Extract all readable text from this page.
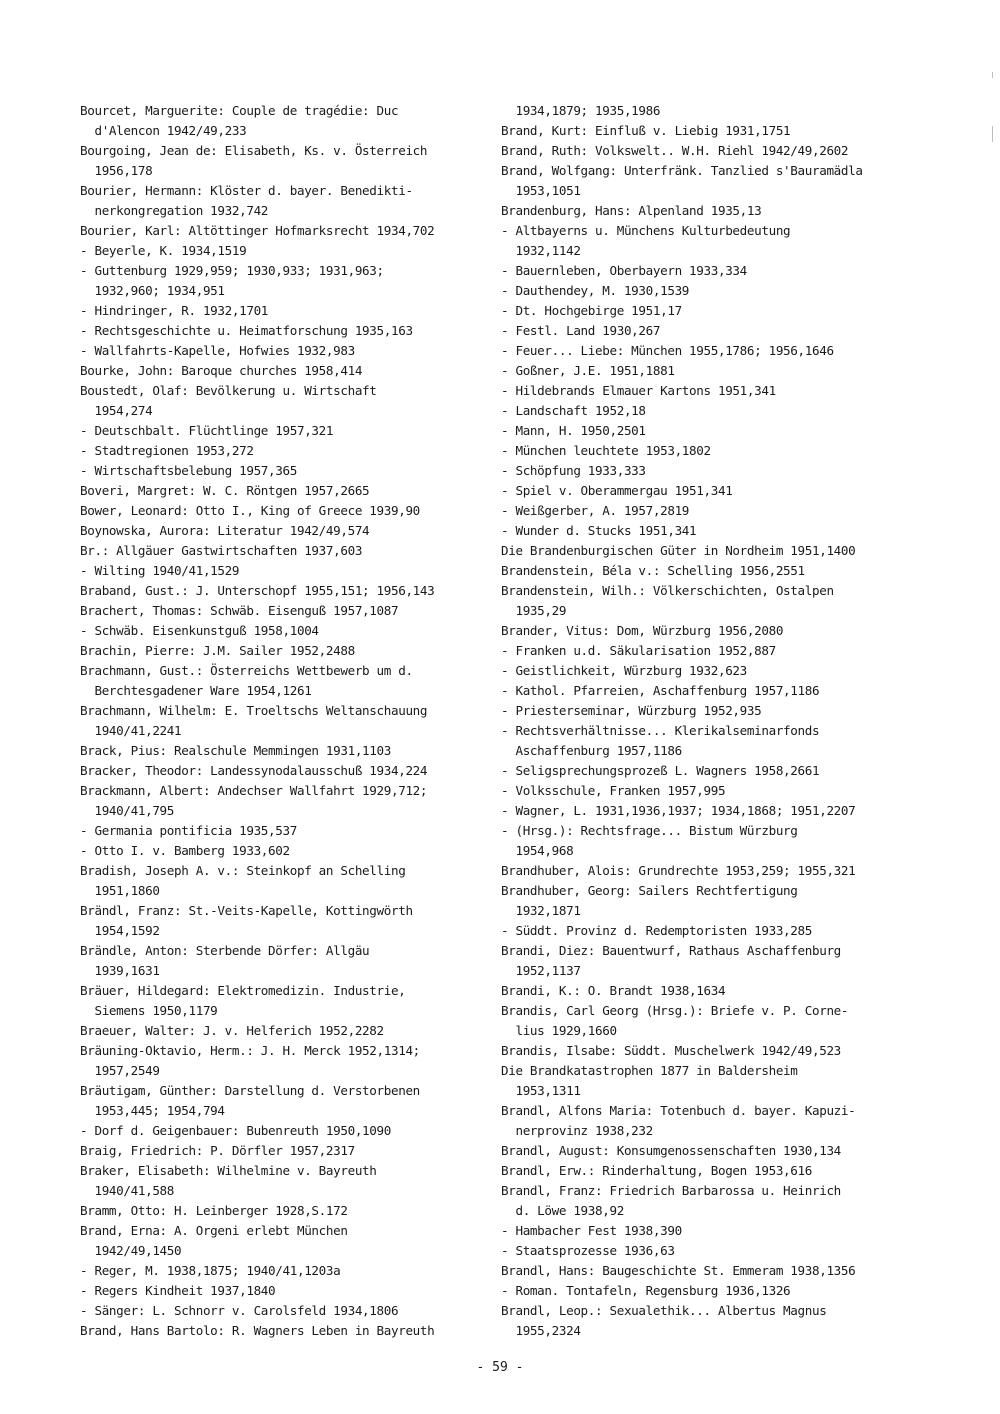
Bourcet, Marguerite: Couple de tragédie: Duc
d'Alencon 1942/49,233
Bourgoing, Jean de: Elisabeth, Ks. v. Österreich
1956,178
Bourier, Hermann: Klöster d. bayer. Benedikti-
nerkongregation 1932,742
Bourier, Karl: Altöttinger Hofmarksrecht 1934,702
- Beyerle, K. 1934,1519
- Guttenburg 1929,959; 1930,933; 1931,963;
1932,960; 1934,951
- Hindringer, R. 1932,1701
- Rechtsgeschichte u. Heimatforschung 1935,163
- Wallfahrts-Kapelle, Hofwies 1932,983
Bourke, John: Baroque churches 1958,414
Boustedt, Olaf: Bevölkerung u. Wirtschaft
1954,274
- Deutschbalt. Flüchtlinge 1957,321
- Stadtregionen 1953,272
- Wirtschaftsbelebung 1957,365
Boveri, Margret: W. C. Röntgen 1957,2665
Bower, Leonard: Otto I., King of Greece 1939,90
Boynowska, Aurora: Literatur 1942/49,574
Br.: Allgäuer Gastwirtschaften 1937,603
- Wilting 1940/41,1529
Braband, Gust.: J. Unterschopf 1955,151; 1956,143
Brachert, Thomas: Schwäb. Eisenguß 1957,1087
- Schwäb. Eisenkunstguß 1958,1004
Brachin, Pierre: J.M. Sailer 1952,2488
Brachmann, Gust.: Österreichs Wettbewerb um d.
Berchtesgadener Ware 1954,1261
Brachmann, Wilhelm: E. Troeltschs Weltanschauung
1940/41,2241
Brack, Pius: Realschule Memmingen 1931,1103
Bracker, Theodor: Landessynodalausschuß 1934,224
Brackmann, Albert: Andechser Wallfahrt 1929,712;
1940/41,795
- Germania pontificia 1935,537
- Otto I. v. Bamberg 1933,602
Bradish, Joseph A. v.: Steinkopf an Schelling
1951,1860
Brändl, Franz: St.-Veits-Kapelle, Kottingwörth
1954,1592
Brändle, Anton: Sterbende Dörfer: Allgäu
1939,1631
Bräuer, Hildegard: Elektromedizin. Industrie,
Siemens 1950,1179
Braeuer, Walter: J. v. Helferich 1952,2282
Bräuning-Oktavio, Herm.: J. H. Merck 1952,1314;
1957,2549
Bräutigam, Günther: Darstellung d. Verstorbenen
1953,445; 1954,794
- Dorf d. Geigenbauer: Bubenreuth 1950,1090
Braig, Friedrich: P. Dörfler 1957,2317
Braker, Elisabeth: Wilhelmine v. Bayreuth
1940/41,588
Bramm, Otto: H. Leinberger 1928,S.172
Brand, Erna: A. Orgeni erlebt München
1942/49,1450
- Reger, M. 1938,1875; 1940/41,1203a
- Regers Kindheit 1937,1840
- Sänger: L. Schnorr v. Carolsfeld 1934,1806
Brand, Hans Bartolo: R. Wagners Leben in Bayreuth
1934,1879; 1935,1986
Brand, Kurt: Einfluß v. Liebig 1931,1751
Brand, Ruth: Volkswelt.. W.H. Riehl 1942/49,2602
Brand, Wolfgang: Unterfränk. Tanzlied s'Bauramädla
1953,1051
Brandenburg, Hans: Alpenland 1935,13
- Altbayerns u. Münchens Kulturbedeutung
1932,1142
- Bauernleben, Oberbayern 1933,334
- Dauthendey, M. 1930,1539
- Dt. Hochgebirge 1951,17
- Festl. Land 1930,267
- Feuer... Liebe: München 1955,1786; 1956,1646
- Goßner, J.E. 1951,1881
- Hildebrands Elmauer Kartons 1951,341
- Landschaft 1952,18
- Mann, H. 1950,2501
- München leuchtete 1953,1802
- Schöpfung 1933,333
- Spiel v. Oberammergau 1951,341
- Weißgerber, A. 1957,2819
- Wunder d. Stucks 1951,341
Die Brandenburgischen Güter in Nordheim 1951,1400
Brandenstein, Béla v.: Schelling 1956,2551
Brandenstein, Wilh.: Völkerschichten, Ostalpen
1935,29
Brander, Vitus: Dom, Würzburg 1956,2080
- Franken u.d. Säkularisation 1952,887
- Geistlichkeit, Würzburg 1932,623
- Kathol. Pfarreien, Aschaffenburg 1957,1186
- Priesterseminar, Würzburg 1952,935
- Rechtsverhältnisse... Klerikalseminarfonds
Aschaffenburg 1957,1186
- Seligsprechungsprozeß L. Wagners 1958,2661
- Volksschule, Franken 1957,995
- Wagner, L. 1931,1936,1937; 1934,1868; 1951,2207
- (Hrsg.): Rechtsfrage... Bistum Würzburg
1954,968
Brandhuber, Alois: Grundrechte 1953,259; 1955,321
Brandhuber, Georg: Sailers Rechtfertigung
1932,1871
- Süddt. Provinz d. Redemptoristen 1933,285
Brandi, Diez: Bauentwurf, Rathaus Aschaffenburg
1952,1137
Brandi, K.: O. Brandt 1938,1634
Brandis, Carl Georg (Hrsg.): Briefe v. P. Corne-
lius 1929,1660
Brandis, Ilsabe: Süddt. Muschelwerk 1942/49,523
Die Brandkatastrophen 1877 in Baldersheim
1953,1311
Brandl, Alfons Maria: Totenbuch d. bayer. Kapuzi-
nerprovinz 1938,232
Brandl, August: Konsumgenossenschaften 1930,134
Brandl, Erw.: Rinderhaltung, Bogen 1953,616
Brandl, Franz: Friedrich Barbarossa u. Heinrich
d. Löwe 1938,92
- Hambacher Fest 1938,390
- Staatsprozesse 1936,63
Brandl, Hans: Baugeschichte St. Emmeram 1938,1356
- Roman. Tontafeln, Regensburg 1936,1326
Brandl, Leop.: Sexualethik... Albertus Magnus
1955,2324
- 59 -
